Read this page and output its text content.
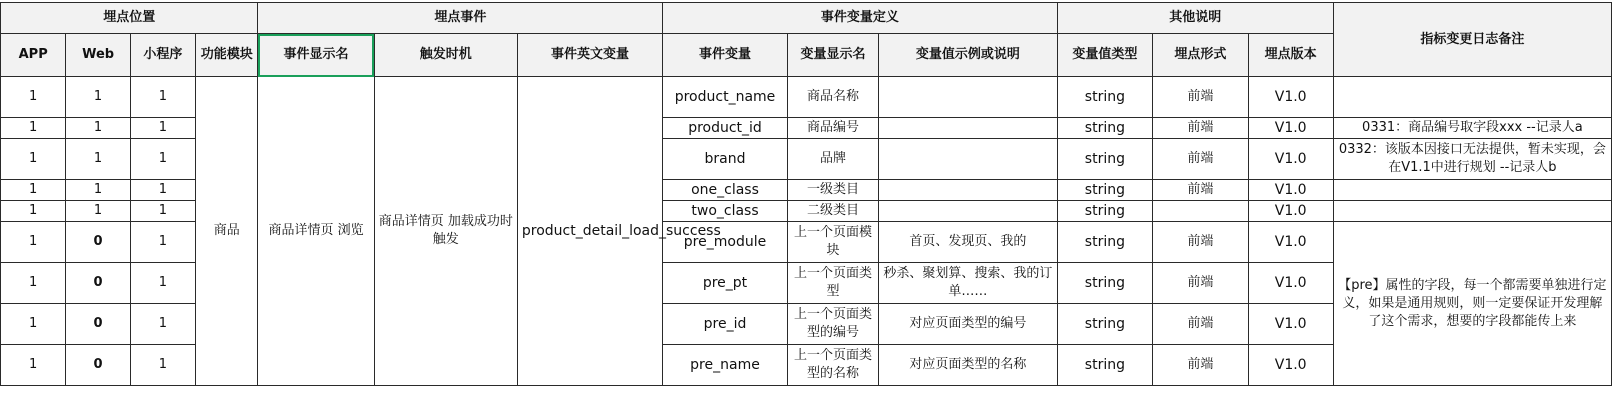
埋点位置				埋点事件			事件变量定义			其他说明			指标变更日志备注
APP	Web	小程序	功能模块	事件显示名	触发时机	事件英文变量	事件变量	变量显示名	变量值示例或说明	变量值类型	埋点形式	埋点版本	
1	1	1	商品	商品详情页 浏览	商品详情页 加载成功时触发	product_detail_load_success	product_name	商品名称		string	前端	V1.0	
1	1	1					product_id	商品编号		string	前端	V1.0	0331：商品编号取字段xxx --记录人a
1	1	1					brand	品牌		string	前端	V1.0	0332：该版本因接口无法提供，暂未实现，会在V1.1中进行规划 --记录人b
1	1	1					one_class	一级类目		string	前端	V1.0	
1	1	1					two_class	二级类目		string		V1.0	
1	0	1					pre_module	上一个页面模块	首页、发现页、我的	string	前端	V1.0	【pre】属性的字段，每一个都需要单独进行定义，如果是通用规则，则一定要保证开发理解了这个需求，想要的字段都能传上来
1	0	1					pre_pt	上一个页面类型	秒杀、聚划算、搜索、我的订单……	string	前端	V1.0	
1	0	1					pre_id	上一个页面类型的编号	对应页面类型的编号	string	前端	V1.0	
1	0	1					pre_name	上一个页面类型的名称	对应页面类型的名称	string	前端	V1.0	
